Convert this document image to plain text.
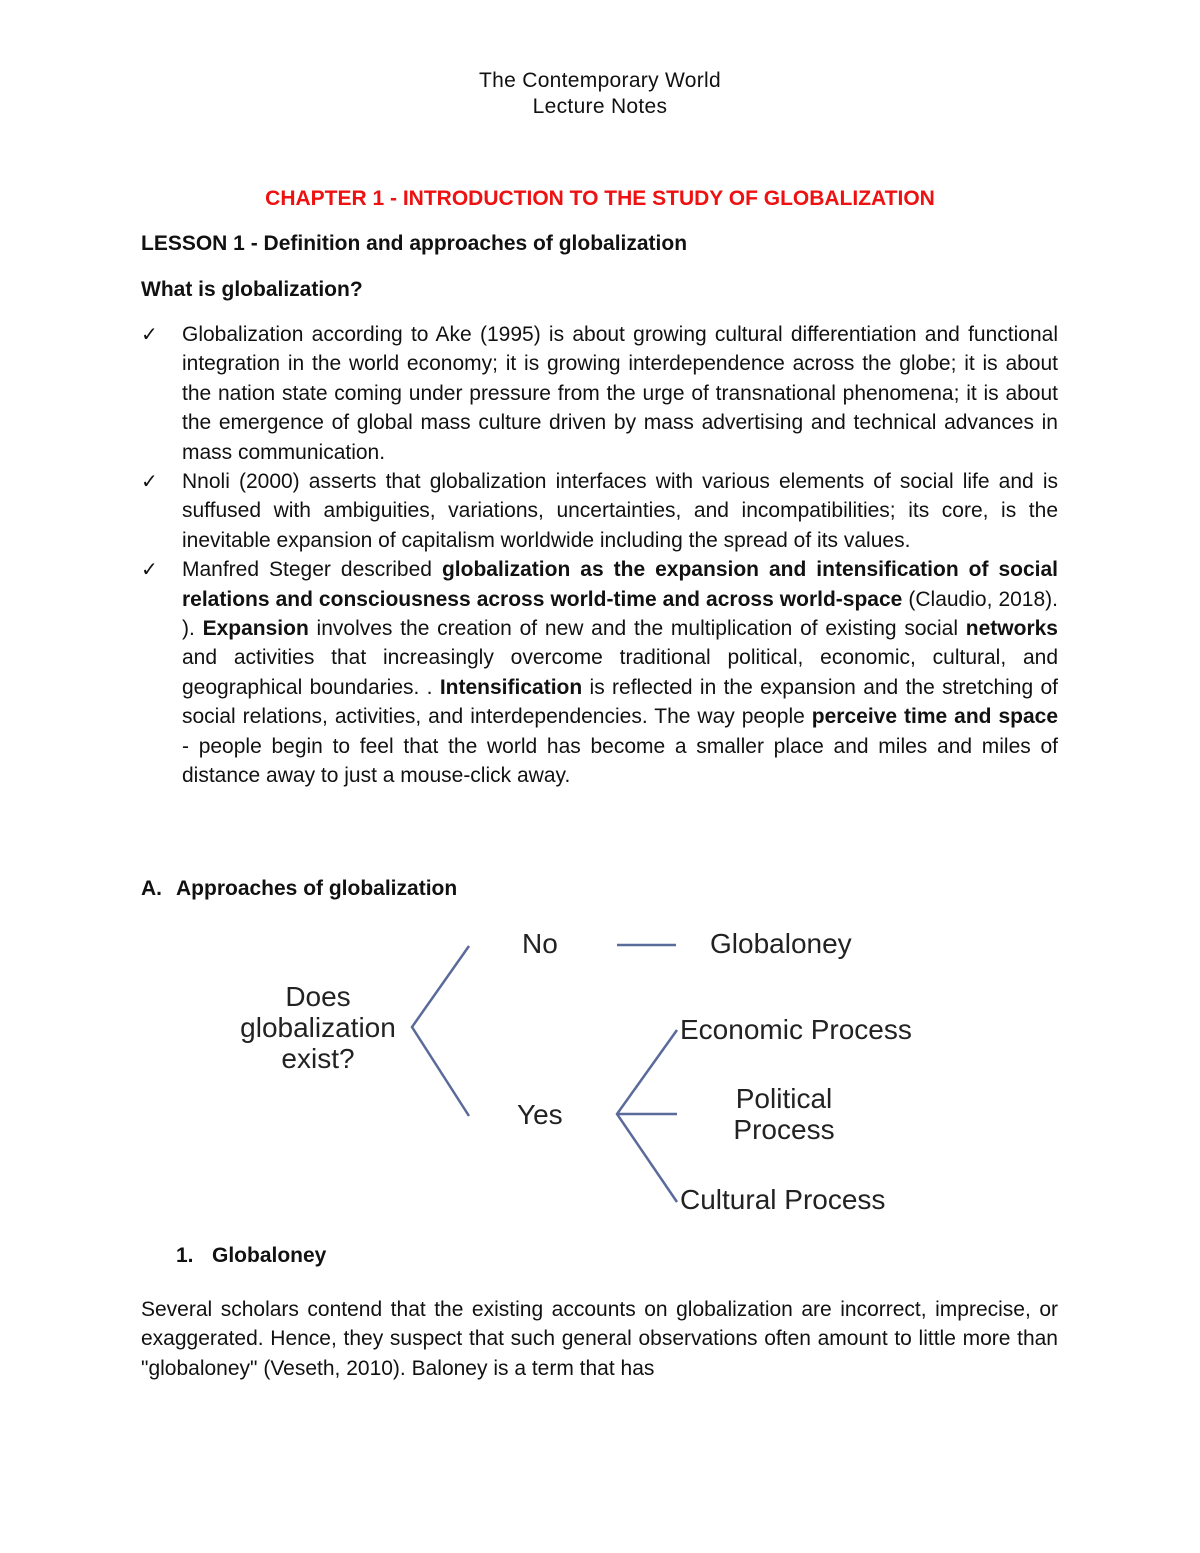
The Contemporary World
Lecture Notes
CHAPTER 1 - INTRODUCTION TO THE STUDY OF GLOBALIZATION
LESSON 1 - Definition and approaches of globalization
What is globalization?
✓ Globalization according to Ake (1995) is about growing cultural differentiation and functional integration in the world economy; it is growing interdependence across the globe; it is about the nation state coming under pressure from the urge of transnational phenomena; it is about the emergence of global mass culture driven by mass advertising and technical advances in mass communication.
✓ Nnoli (2000) asserts that globalization interfaces with various elements of social life and is suffused with ambiguities, variations, uncertainties, and incompatibilities; its core, is the inevitable expansion of capitalism worldwide including the spread of its values.
✓ Manfred Steger described globalization as the expansion and intensification of social relations and consciousness across world-time and across world-space (Claudio, 2018). ). Expansion involves the creation of new and the multiplication of existing social networks and activities that increasingly overcome traditional political, economic, cultural, and geographical boundaries. . Intensification is reflected in the expansion and the stretching of social relations, activities, and interdependencies. The way people perceive time and space - people begin to feel that the world has become a smaller place and miles and miles of distance away to just a mouse-click away.
A. Approaches of globalization
Does
globalization
exist?
No
Yes
Globaloney
Economic Process
Political
Process
Cultural Process
1. Globaloney

Several scholars contend that the existing accounts on globalization are incorrect, imprecise, or exaggerated. Hence, they suspect that such general observations often amount to little more than "globaloney" (Veseth, 2010). Baloney is a term that has
